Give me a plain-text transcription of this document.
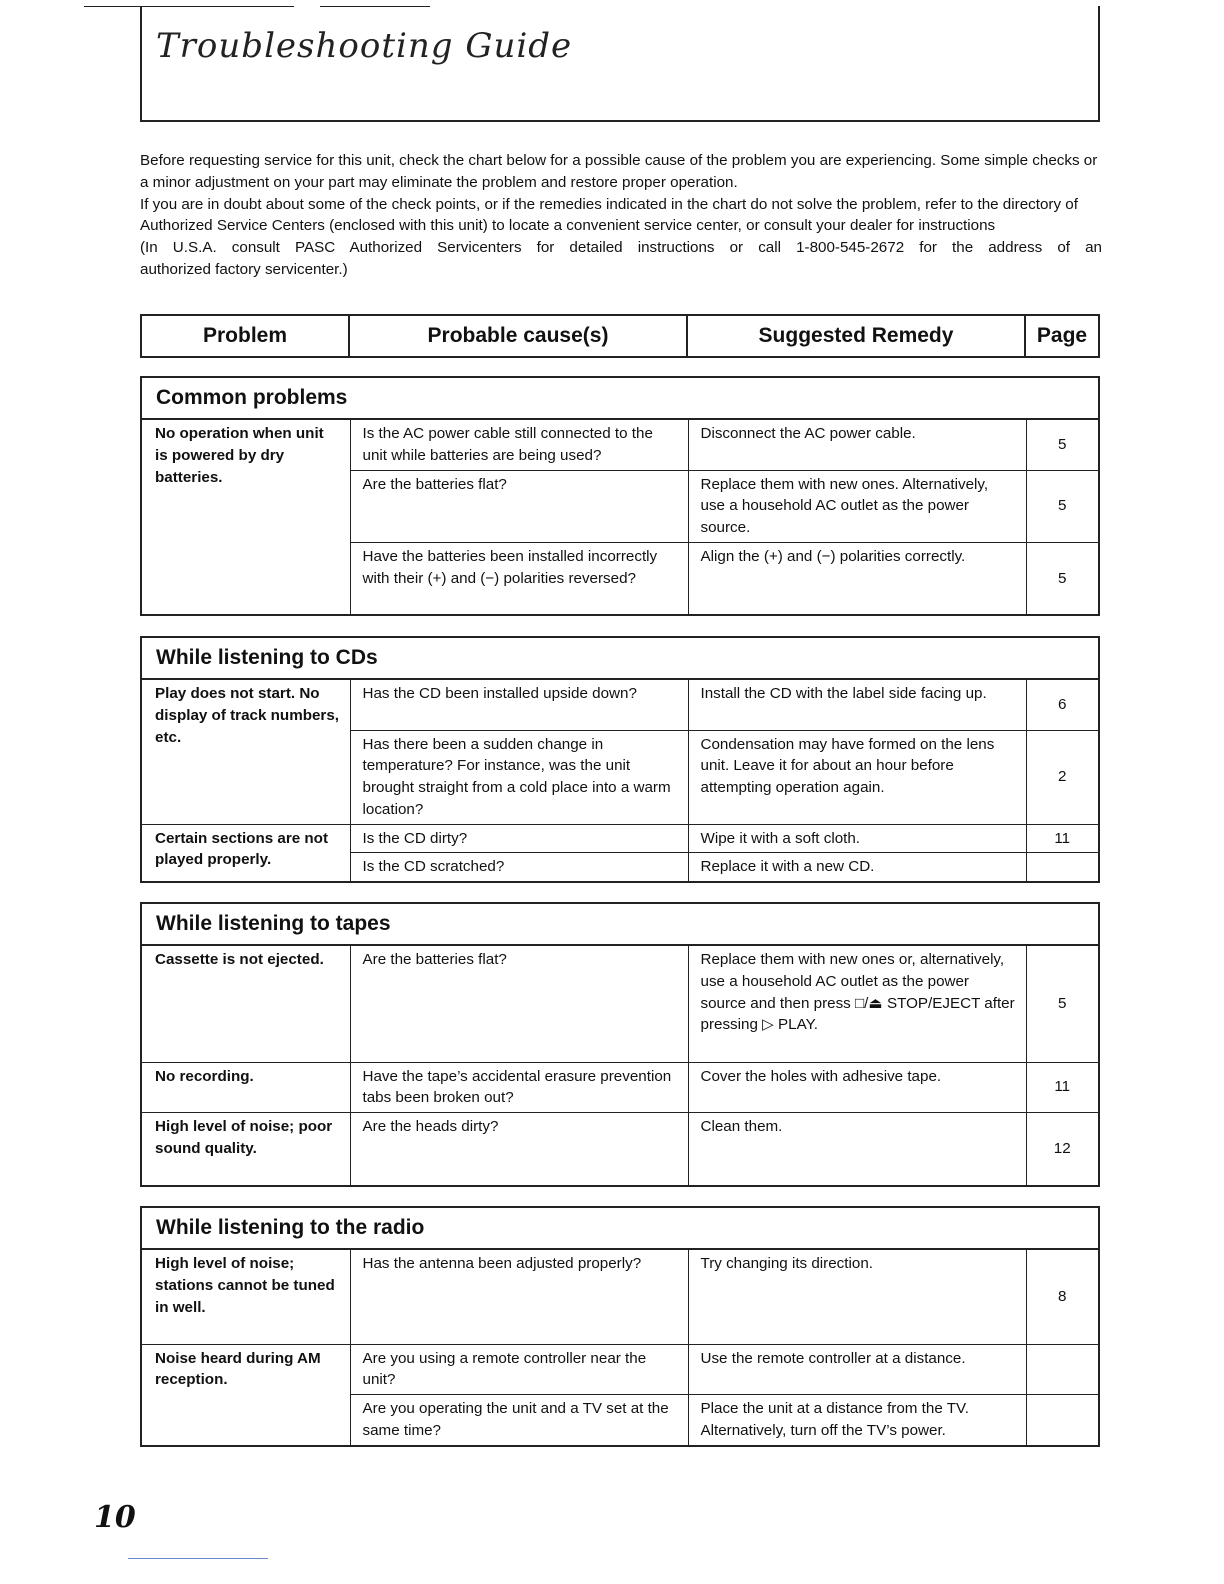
Troubleshooting Guide

Before requesting service for this unit, check the chart below for a possible cause of the problem you are experiencing. Some simple checks or a minor adjustment on your part may eliminate the problem and restore proper operation.

If you are in doubt about some of the check points, or if the remedies indicated in the chart do not solve the problem, refer to the directory of Authorized Service Centers (enclosed with this unit) to locate a convenient service center, or consult your dealer for instructions

(In U.S.A. consult PASC Authorized Servicenters for detailed instructions or call 1-800-545-2672 for the address of an

authorized factory servicenter.)

Problem	Probable cause(s)	Suggested Remedy	Page
Common problems
No operation when unit is powered by dry batteries.	Is the AC power cable still connected to the unit while batteries are being used?	Disconnect the AC power cable.	5
	Are the batteries flat?	Replace them with new ones. Alternatively, use a household AC outlet as the power source.	5
	Have the batteries been installed incorrectly with their (+) and (−) polarities reversed?	Align the (+) and (−) polarities correctly.	5
While listening to CDs
Play does not start. No display of track numbers, etc.	Has the CD been installed upside down?	Install the CD with the label side facing up.	6
	Has there been a sudden change in temperature? For instance, was the unit brought straight from a cold place into a warm location?	Condensation may have formed on the lens unit. Leave it for about an hour before attempting operation again.	2
Certain sections are not played properly.	Is the CD dirty?	Wipe it with a soft cloth.	11
	Is the CD scratched?	Replace it with a new CD.	
While listening to tapes
Cassette is not ejected.	Are the batteries flat?	Replace them with new ones or, alternatively, use a household AC outlet as the power source and then press □/⏏ STOP/EJECT after pressing ▷ PLAY.	5
No recording.	Have the tape’s accidental erasure prevention tabs been broken out?	Cover the holes with adhesive tape.	11
High level of noise; poor sound quality.	Are the heads dirty?	Clean them.	12
While listening to the radio
High level of noise; stations cannot be tuned in well.	Has the antenna been adjusted properly?	Try changing its direction.	8
Noise heard during AM reception.	Are you using a remote controller near the unit?	Use the remote controller at a distance.	
	Are you operating the unit and a TV set at the same time?	Place the unit at a distance from the TV. Alternatively, turn off the TV’s power.	

10
